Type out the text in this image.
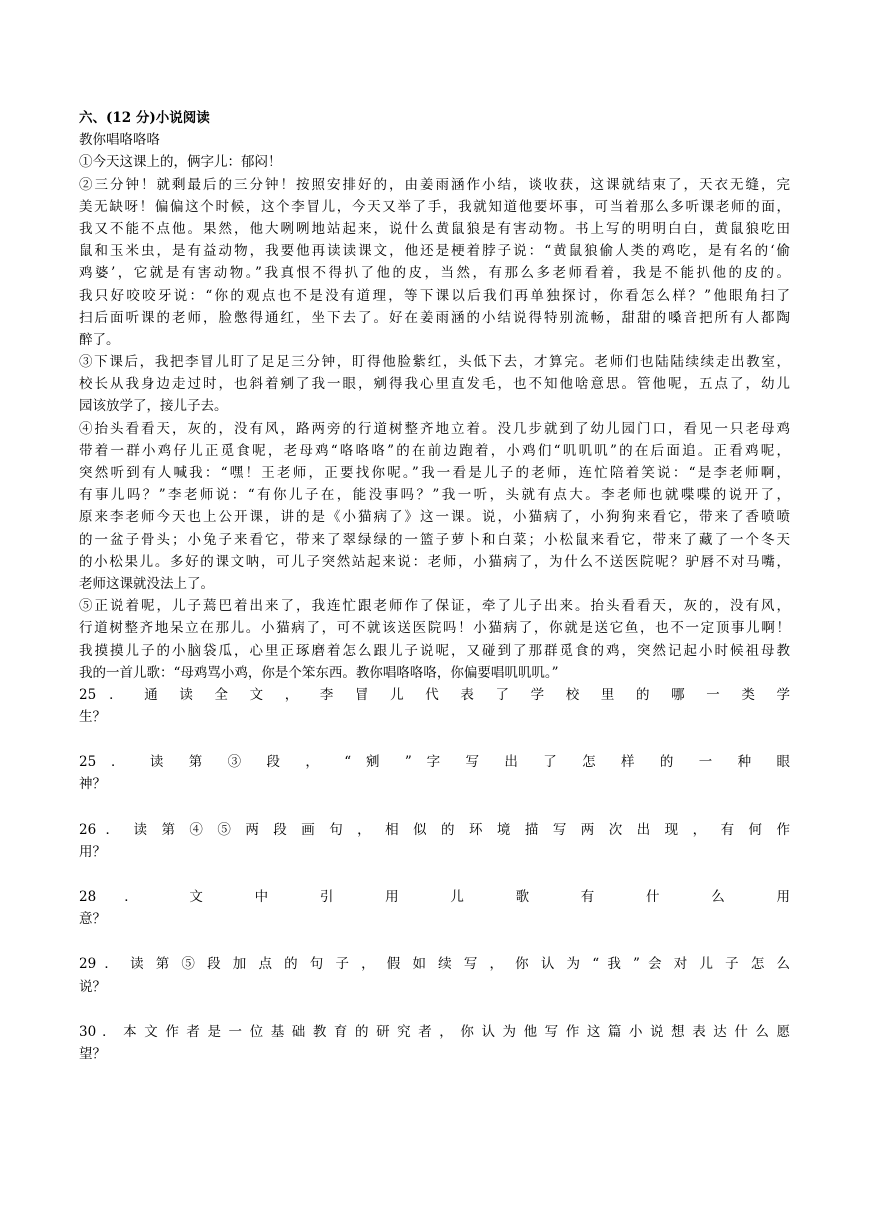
六、(12 分)小说阅读
教你唱咯咯咯
①今天这课上的，俩字儿：郁闷！
②三分钟！就剩最后的三分钟！按照安排好的，由姜雨涵作小结，谈收获，这课就结束了，天衣无缝，完
美无缺呀！偏偏这个时候，这个李冒儿，今天又举了手，我就知道他要坏事，可当着那么多听课老师的面，
我又不能不点他。果然，他大咧咧地站起来，说什么黄鼠狼是有害动物。书上写的明明白白，黄鼠狼吃田
鼠和玉米虫，是有益动物，我要他再读读课文，他还是梗着脖子说：“黄鼠狼偷人类的鸡吃，是有名的‘偷
鸡婆’，它就是有害动物。”我真恨不得扒了他的皮，当然，有那么多老师看着，我是不能扒他的皮的。
我只好咬咬牙说：“你的观点也不是没有道理，等下课以后我们再单独探讨，你看怎么样？”他眼角扫了
扫后面听课的老师，脸憋得通红，坐下去了。好在姜雨涵的小结说得特别流畅，甜甜的嗓音把所有人都陶
醉了。
③下课后，我把李冒儿盯了足足三分钟，盯得他脸紫红，头低下去，才算完。老师们也陆陆续续走出教室，
校长从我身边走过时，也斜着剜了我一眼，剜得我心里直发毛，也不知他啥意思。管他呢，五点了，幼儿
园该放学了，接儿子去。
④抬头看看天，灰的，没有风，路两旁的行道树整齐地立着。没几步就到了幼儿园门口，看见一只老母鸡
带着一群小鸡仔儿正觅食呢，老母鸡“咯咯咯”的在前边跑着，小鸡们“叽叽叽”的在后面追。正看鸡呢，
突然听到有人喊我：“嘿！王老师，正要找你呢。”我一看是儿子的老师，连忙陪着笑说：“是李老师啊，
有事儿吗？”李老师说：“有你儿子在，能没事吗？”我一听，头就有点大。李老师也就喋喋的说开了，
原来李老师今天也上公开课，讲的是《小猫病了》这一课。说，小猫病了，小狗狗来看它，带来了香喷喷
的一盆子骨头；小兔子来看它，带来了翠绿绿的一篮子萝卜和白菜；小松鼠来看它，带来了藏了一个冬天
的小松果儿。多好的课文呐，可儿子突然站起来说：老师，小猫病了，为什么不送医院呢？驴唇不对马嘴，
老师这课就没法上了。
⑤正说着呢，儿子蔫巴着出来了，我连忙跟老师作了保证，牵了儿子出来。抬头看看天，灰的，没有风，
行道树整齐地呆立在那儿。小猫病了，可不就该送医院吗！小猫病了，你就是送它鱼，也不一定顶事儿啊！
我摸摸儿子的小脑袋瓜，心里正琢磨着怎么跟儿子说呢，又碰到了那群觅食的鸡，突然记起小时候祖母教
我的一首儿歌：“母鸡骂小鸡，你是个笨东西。教你唱咯咯咯，你偏要唱叽叽叽。”
25 ． 通 读 全 文 ， 李 冒 儿 代 表 了 学 校 里 的 哪 一 类 学
生？
25 ． 读 第 ③ 段 ， “ 剜 ” 字 写 出 了 怎 样 的 一 种 眼
神？
26 ． 读 第 ④ ⑤ 两 段 画 句 ， 相 似 的 环 境 描 写 两 次 出 现 ， 有 何 作
用？
28 ． 文 中 引 用 儿 歌 有 什 么 用
意？
29 ． 读 第 ⑤ 段 加 点 的 句 子 ， 假 如 续 写 ， 你 认 为 “ 我 ” 会 对 儿 子 怎 么
说？
30 ． 本 文 作 者 是 一 位 基 础 教 育 的 研 究 者 ， 你 认 为 他 写 作 这 篇 小 说 想 表 达 什 么 愿
望？
